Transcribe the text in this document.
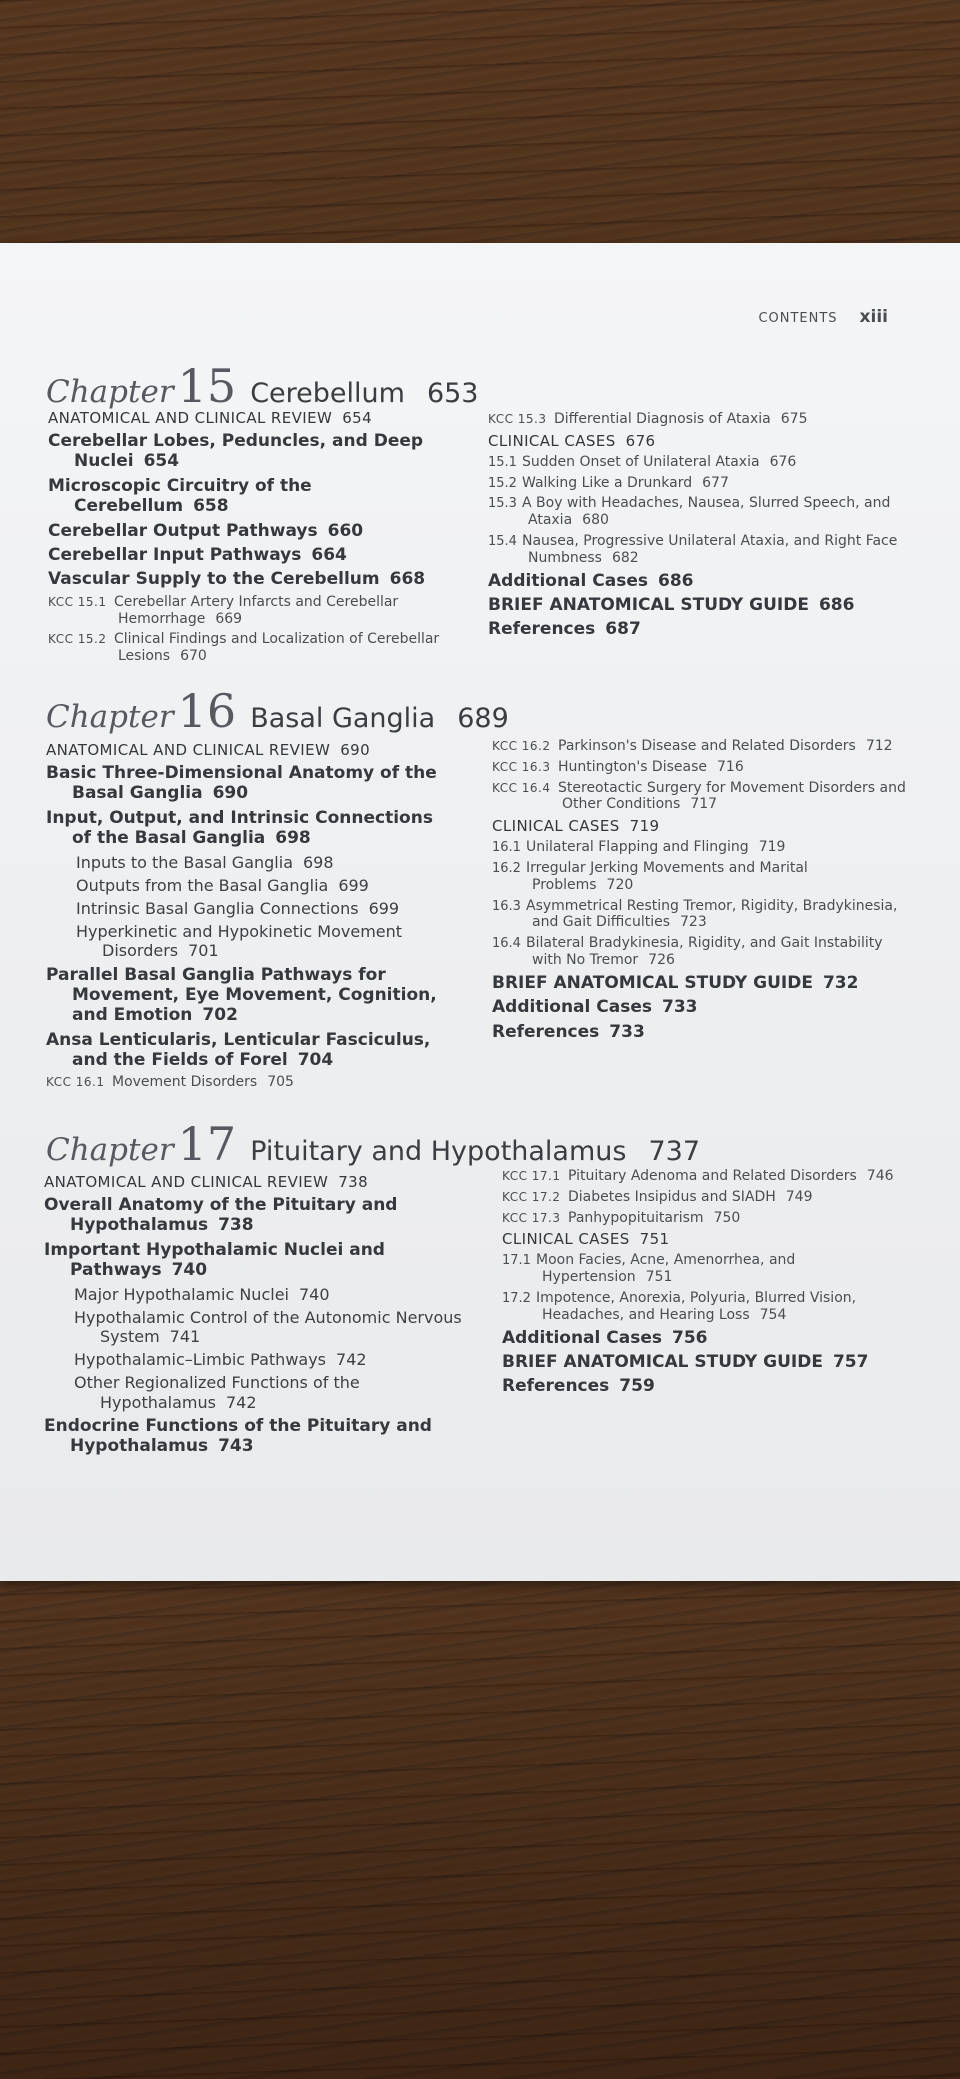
CONTENTS xiii
Chapter15 Cerebellum 653
ANATOMICAL AND CLINICAL REVIEW 654
Cerebellar Lobes, Peduncles, and Deep Nuclei 654
Microscopic Circuitry of the Cerebellum 658
Cerebellar Output Pathways 660
Cerebellar Input Pathways 664
Vascular Supply to the Cerebellum 668
KCC 15.1 Cerebellar Artery Infarcts and Cerebellar Hemorrhage 669
KCC 15.2 Clinical Findings and Localization of Cerebellar Lesions 670
KCC 15.3 Differential Diagnosis of Ataxia 675
CLINICAL CASES 676
15.1 Sudden Onset of Unilateral Ataxia 676
15.2 Walking Like a Drunkard 677
15.3 A Boy with Headaches, Nausea, Slurred Speech, and Ataxia 680
15.4 Nausea, Progressive Unilateral Ataxia, and Right Face Numbness 682
Additional Cases 686
BRIEF ANATOMICAL STUDY GUIDE 686
References 687
Chapter16 Basal Ganglia 689
ANATOMICAL AND CLINICAL REVIEW 690
Basic Three-Dimensional Anatomy of the Basal Ganglia 690
Input, Output, and Intrinsic Connections of the Basal Ganglia 698
Inputs to the Basal Ganglia 698
Outputs from the Basal Ganglia 699
Intrinsic Basal Ganglia Connections 699
Hyperkinetic and Hypokinetic Movement Disorders 701
Parallel Basal Ganglia Pathways for Movement, Eye Movement, Cognition, and Emotion 702
Ansa Lenticularis, Lenticular Fasciculus, and the Fields of Forel 704
KCC 16.1 Movement Disorders 705
KCC 16.2 Parkinson's Disease and Related Disorders 712
KCC 16.3 Huntington's Disease 716
KCC 16.4 Stereotactic Surgery for Movement Disorders and Other Conditions 717
CLINICAL CASES 719
16.1 Unilateral Flapping and Flinging 719
16.2 Irregular Jerking Movements and Marital Problems 720
16.3 Asymmetrical Resting Tremor, Rigidity, Bradykinesia, and Gait Difficulties 723
16.4 Bilateral Bradykinesia, Rigidity, and Gait Instability with No Tremor 726
BRIEF ANATOMICAL STUDY GUIDE 732
Additional Cases 733
References 733
Chapter17 Pituitary and Hypothalamus 737
ANATOMICAL AND CLINICAL REVIEW 738
Overall Anatomy of the Pituitary and Hypothalamus 738
Important Hypothalamic Nuclei and Pathways 740
Major Hypothalamic Nuclei 740
Hypothalamic Control of the Autonomic Nervous System 741
Hypothalamic–Limbic Pathways 742
Other Regionalized Functions of the Hypothalamus 742
Endocrine Functions of the Pituitary and Hypothalamus 743
KCC 17.1 Pituitary Adenoma and Related Disorders 746
KCC 17.2 Diabetes Insipidus and SIADH 749
KCC 17.3 Panhypopituitarism 750
CLINICAL CASES 751
17.1 Moon Facies, Acne, Amenorrhea, and Hypertension 751
17.2 Impotence, Anorexia, Polyuria, Blurred Vision, Headaches, and Hearing Loss 754
Additional Cases 756
BRIEF ANATOMICAL STUDY GUIDE 757
References 759
